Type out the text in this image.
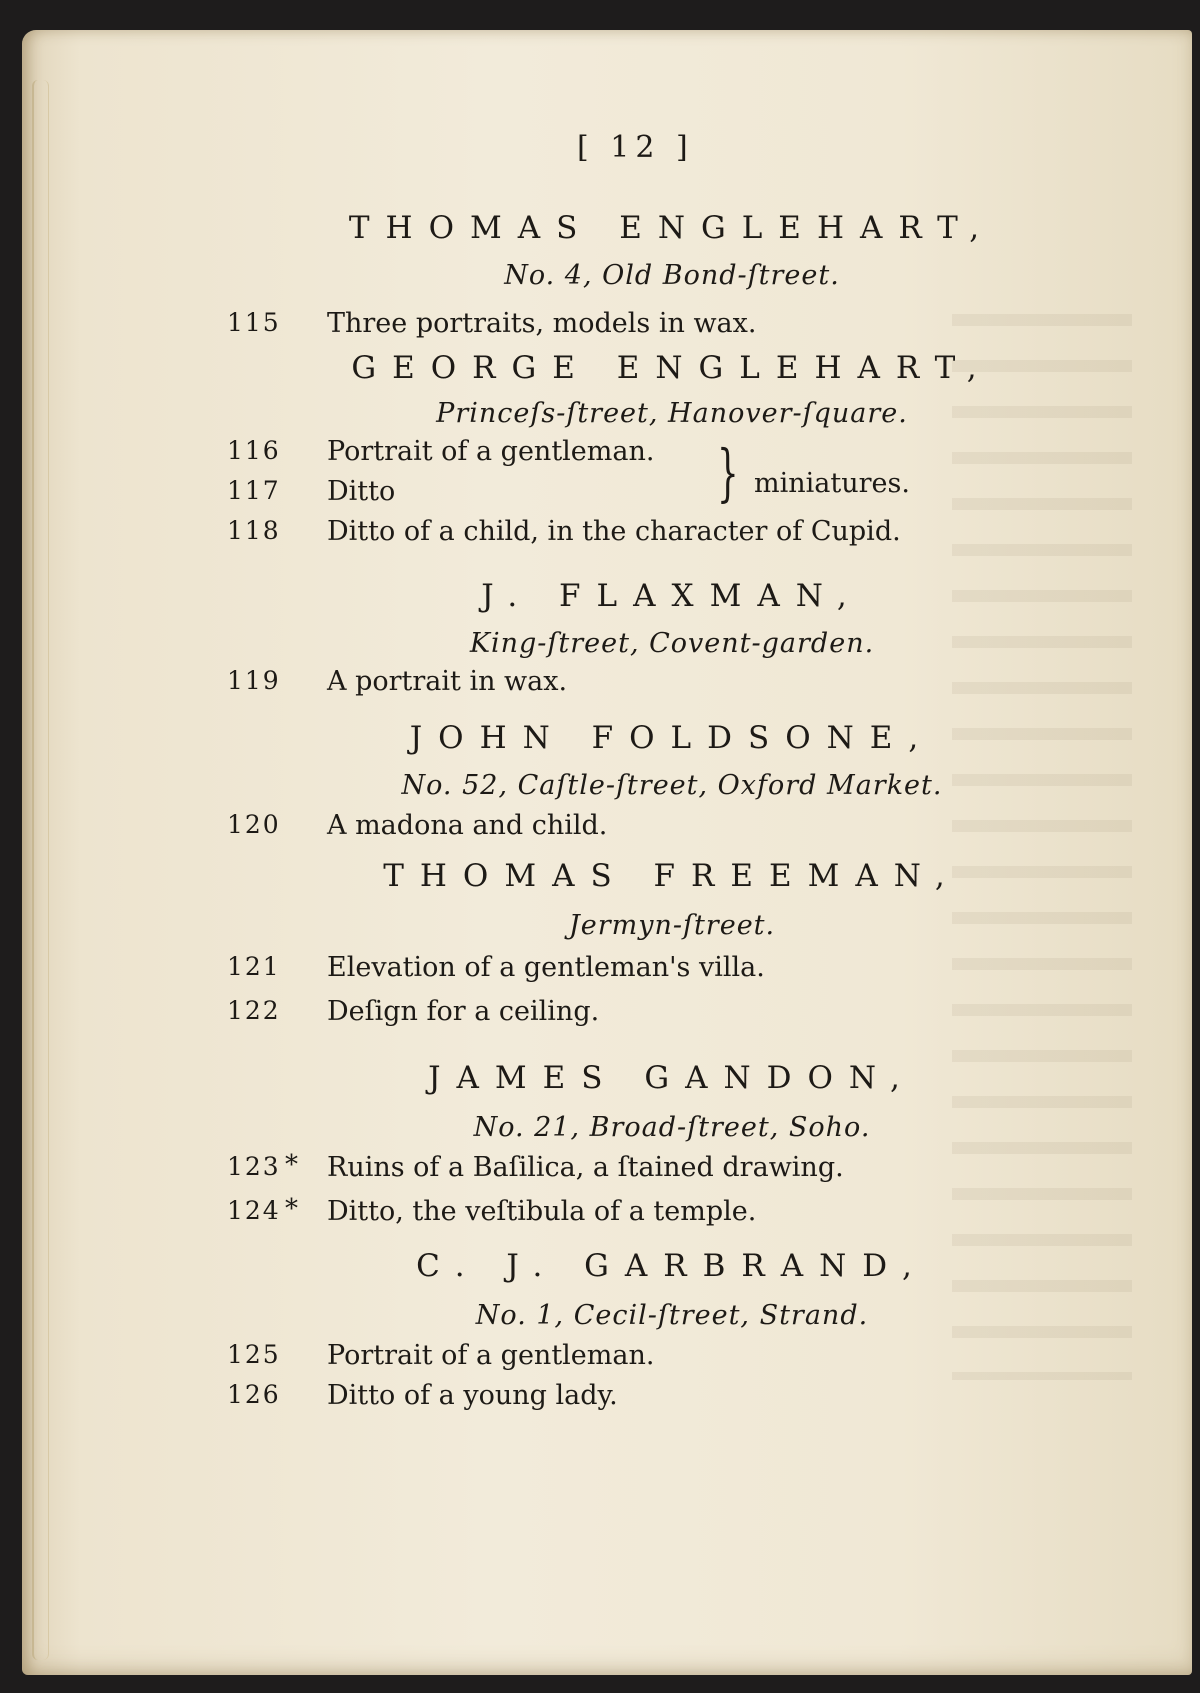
[ 12 ]
THOMAS ENGLEHART,
No. 4, Old Bond-ſtreet.
115	Three portraits, models in wax.
GEORGE ENGLEHART,
Princeſs-ſtreet, Hanover-ſquare.
116	Portrait of a gentleman.
117	Ditto	} miniatures.
118	Ditto of a child, in the character of Cupid.
J. FLAXMAN,
King-ſtreet, Covent-garden.
119	A portrait in wax.
JOHN FOLDSONE,
No. 52, Caſtle-ſtreet, Oxford Market.
120	A madona and child.
THOMAS FREEMAN,
Jermyn-ſtreet.
121	Elevation of a gentleman's villa.
122	Deſign for a ceiling.
JAMES GANDON,
No. 21, Broad-ſtreet, Soho.
123 * Ruins of a Baſilica, a ſtained drawing.
124 * Ditto, the veſtibula of a temple.
C. J. GARBRAND,
No. 1, Cecil-ſtreet, Strand.
125	Portrait of a gentleman.
126	Ditto of a young lady.
